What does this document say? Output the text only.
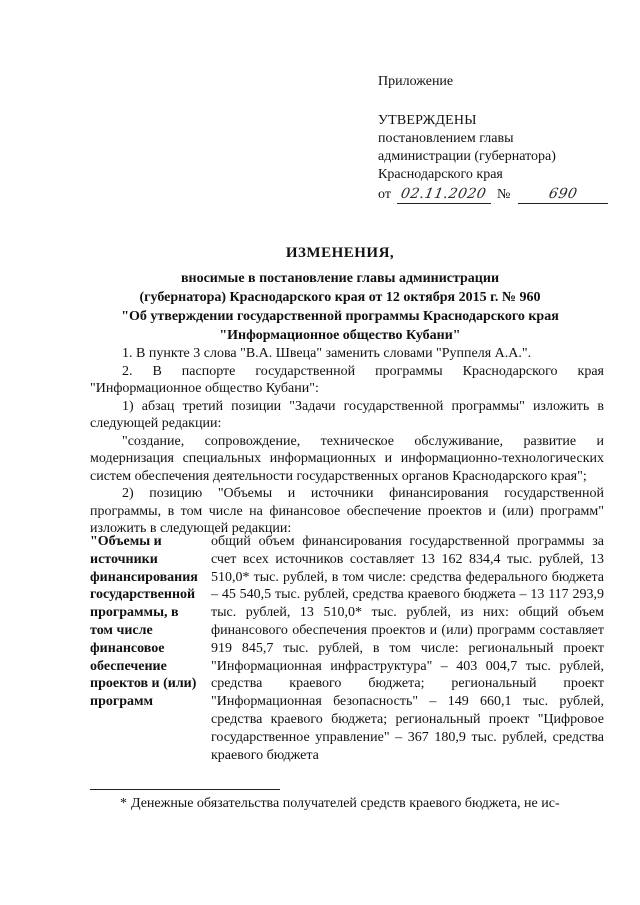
Приложение

УТВЕРЖДЕНЫ

постановлением главы

администрации (губернатора)

Краснодарского края

от 02.11.2020 №	690
ИЗМЕНЕНИЯ,
вносимые в постановление главы администрации
(губернатора) Краснодарского края от 12 октября 2015 г. № 960
"Об утверждении государственной программы Краснодарского края
"Информационное общество Кубани"

1. В пункте 3 слова "В.А. Швеца" заменить словами "Руппеля А.А.".

2. В паспорте государственной программы Краснодарского края

"Информационное общество Кубани":

1) абзац третий позиции "Задачи государственной программы" изложить в следующей редакции:

"создание, сопровождение, техническое обслуживание, развитие и модернизация специальных информационных и информационно-технологических систем обеспечения деятельности государственных органов Краснодарского края";

2) позицию "Объемы и источники финансирования государственной программы, в том числе на финансовое обеспечение проектов и (или) программ" изложить в следующей редакции:

"Объемы и источники финансирования государственной программы, в том числе финансовое обеспечение проектов и (или) программ
общий объем финансирования государственной программы за счет всех источников составляет 13 162 834,4 тыс. рублей, 13 510,0* тыс. рублей, в том числе: средства федерального бюджета – 45 540,5 тыс. рублей, средства краевого бюджета – 13 117 293,9 тыс. рублей, 13 510,0* тыс. рублей, из них: общий объем финансового обеспечения проектов и (или) программ составляет 919 845,7 тыс. рублей, в том числе: региональный проект "Информационная инфраструктура" – 403 004,7 тыс. рублей, средства краевого бюджета; региональный проект "Информационная безопасность" – 149 660,1 тыс. рублей, средства краевого бюджета; региональный проект "Цифровое государственное управление" – 367 180,9 тыс. рублей, средства краевого бюджета
* Денежные обязательства получателей средств краевого бюджета, не ис-
